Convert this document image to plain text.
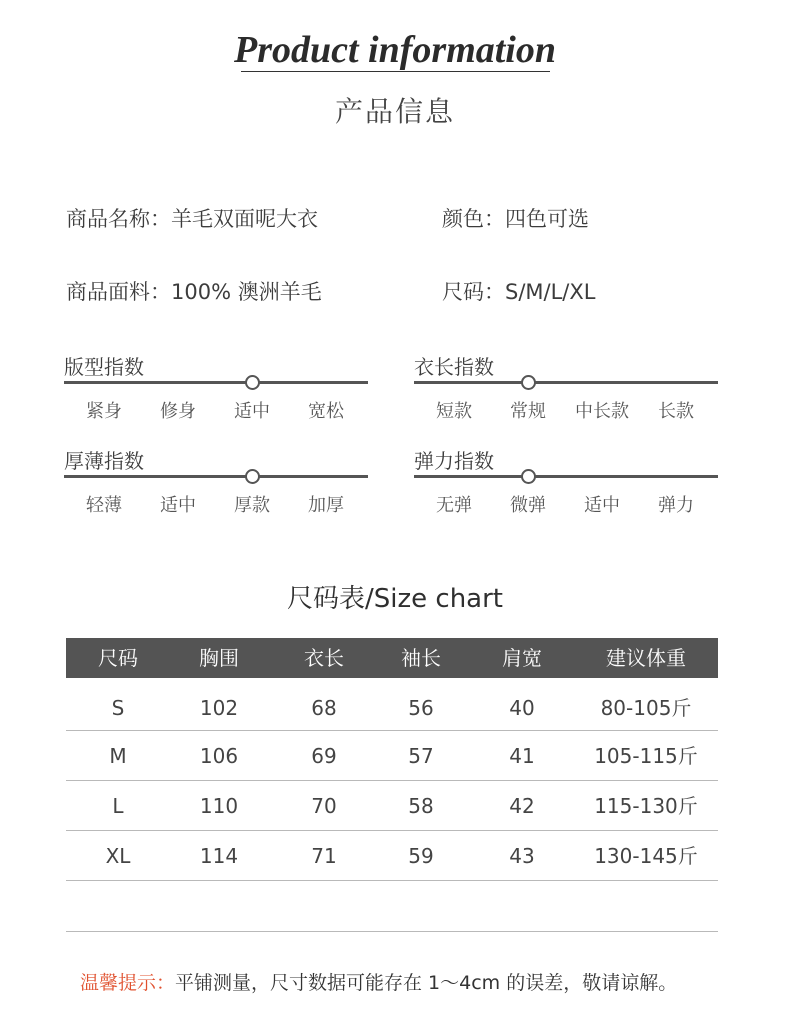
Product information
产品信息
商品名称：羊毛双面呢大衣	颜色：四色可选
商品面料：100% 澳洲羊毛	尺码：S/M/L/XL
版型指数
紧身	修身	适中	宽松
衣长指数
短款	常规	中长款	长款
厚薄指数
轻薄	适中	厚款	加厚
弹力指数
无弹	微弹	适中	弹力
尺码表/Size chart
尺码	胸围	衣长	袖长	肩宽	建议体重
S	102	68	56	40	80-105斤
M	106	69	57	41	105-115斤
L	110	70	58	42	115-130斤
XL	114	71	59	43	130-145斤
温馨提示：平铺测量，尺寸数据可能存在 1～4cm 的误差，敬请谅解。
